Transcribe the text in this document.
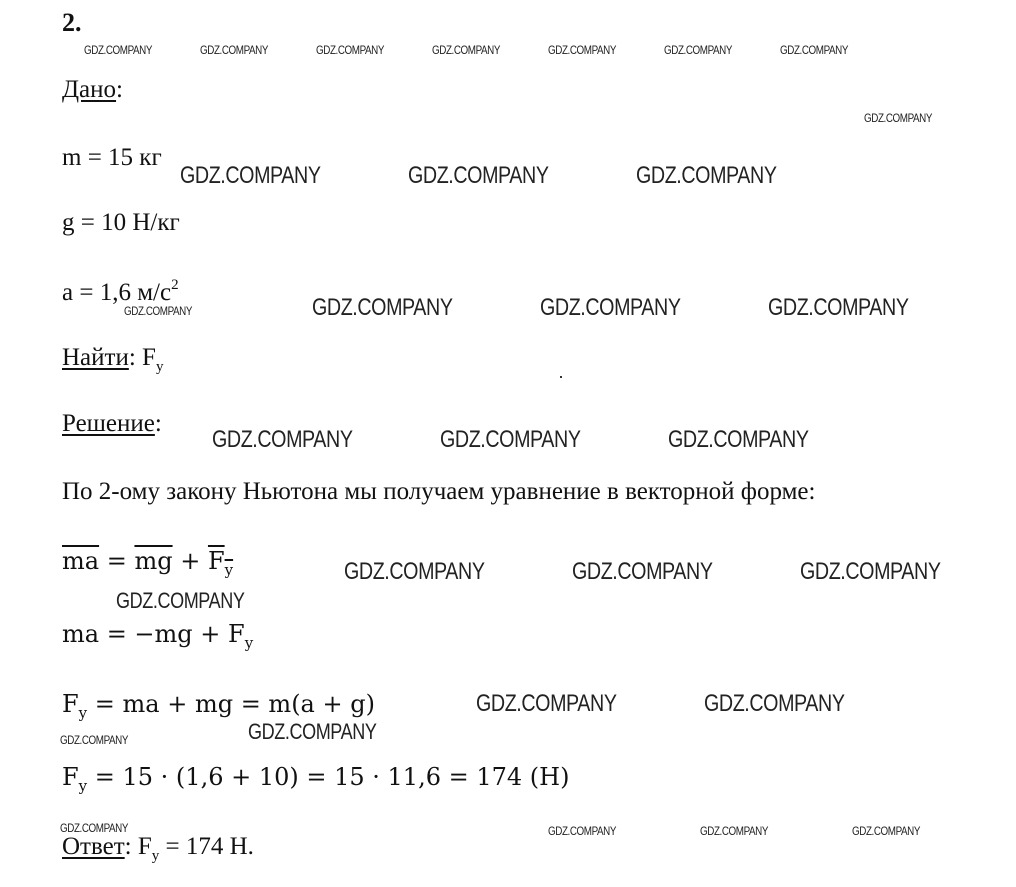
2.
Дано:
m = 15 кг
g = 10 Н/кг
a = 1,6 $м/с^2$
Найти: $F_у$
Решение:
По 2-ому закону Ньютона мы получаем уравнение в векторной форме:
$\overline{ma} = \overline{mg} + F_y$
ma = $-mg + F_y$
$F_y$ = ma + mg = m(a + g)
$F_y = 15 \cdot (1,6 + 10) = 15 \cdot 11,6 = 174$ (H)
Ответ: $F_у = 174$ Н.
GDZ.COMPANY	GDZ.COMPANY	GDZ.COMPANY	GDZ.COMPANY	GDZ.COMPANY	GDZ.COMPANY	GDZ.COMPANY
GDZ.COMPANY
GDZ.COMPANY	GDZ.COMPANY	GDZ.COMPANY
GDZ.COMPANY	GDZ.COMPANY	GDZ.COMPANY	GDZ.COMPANY
GDZ.COMPANY	GDZ.COMPANY	GDZ.COMPANY
GDZ.COMPANY	GDZ.COMPANY	GDZ.COMPANY
GDZ.COMPANY
GDZ.COMPANY	GDZ.COMPANY
GDZ.COMPANY
GDZ.COMPANY
GDZ.COMPANY	GDZ.COMPANY	GDZ.COMPANY	GDZ.COMPANY
